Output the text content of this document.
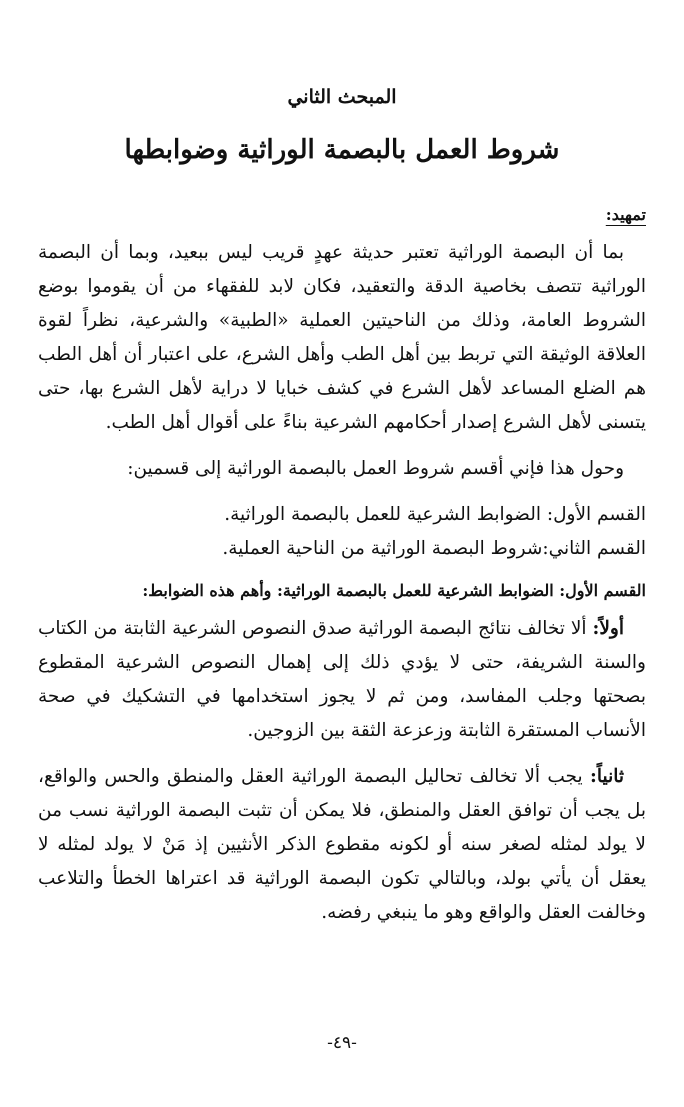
المبحث الثاني
شروط العمل بالبصمة الوراثية وضوابطها
تمهيد:

بما أن البصمة الوراثية تعتبر حديثة عهدٍ قريب ليس ببعيد، وبما أن البصمة الوراثية تتصف بخاصية الدقة والتعقيد، فكان لابد للفقهاء من أن يقوموا بوضع الشروط العامة، وذلك من الناحيتين العملية «الطبية» والشرعية، نظراً لقوة العلاقة الوثيقة التي تربط بين أهل الطب وأهل الشرع، على اعتبار أن أهل الطب هم الضلع المساعد لأهل الشرع في كشف خبايا لا دراية لأهل الشرع بها، حتى يتسنى لأهل الشرع إصدار أحكامهم الشرعية بناءً على أقوال أهل الطب.

وحول هذا فإني أقسم شروط العمل بالبصمة الوراثية إلى قسمين:

القسم الأول: الضوابط الشرعية للعمل بالبصمة الوراثية.

القسم الثاني:شروط البصمة الوراثية من الناحية العملية.

القسم الأول: الضوابط الشرعية للعمل بالبصمة الوراثية: وأهم هذه الضوابط:

أولاً: ألا تخالف نتائج البصمة الوراثية صدق النصوص الشرعية الثابتة من الكتاب والسنة الشريفة، حتى لا يؤدي ذلك إلى إهمال النصوص الشرعية المقطوع بصحتها وجلب المفاسد، ومن ثم لا يجوز استخدامها في التشكيك في صحة الأنساب المستقرة الثابتة وزعزعة الثقة بين الزوجين.

ثانياً: يجب ألا تخالف تحاليل البصمة الوراثية العقل والمنطق والحس والواقع، بل يجب أن توافق العقل والمنطق، فلا يمكن أن تثبت البصمة الوراثية نسب من لا يولد لمثله لصغر سنه أو لكونه مقطوع الذكر الأنثيين إذ مَنْ لا يولد لمثله لا يعقل أن يأتي بولد، وبالتالي تكون البصمة الوراثية قد اعتراها الخطأ والتلاعب وخالفت العقل والواقع وهو ما ينبغي رفضه.

-٤٩-
